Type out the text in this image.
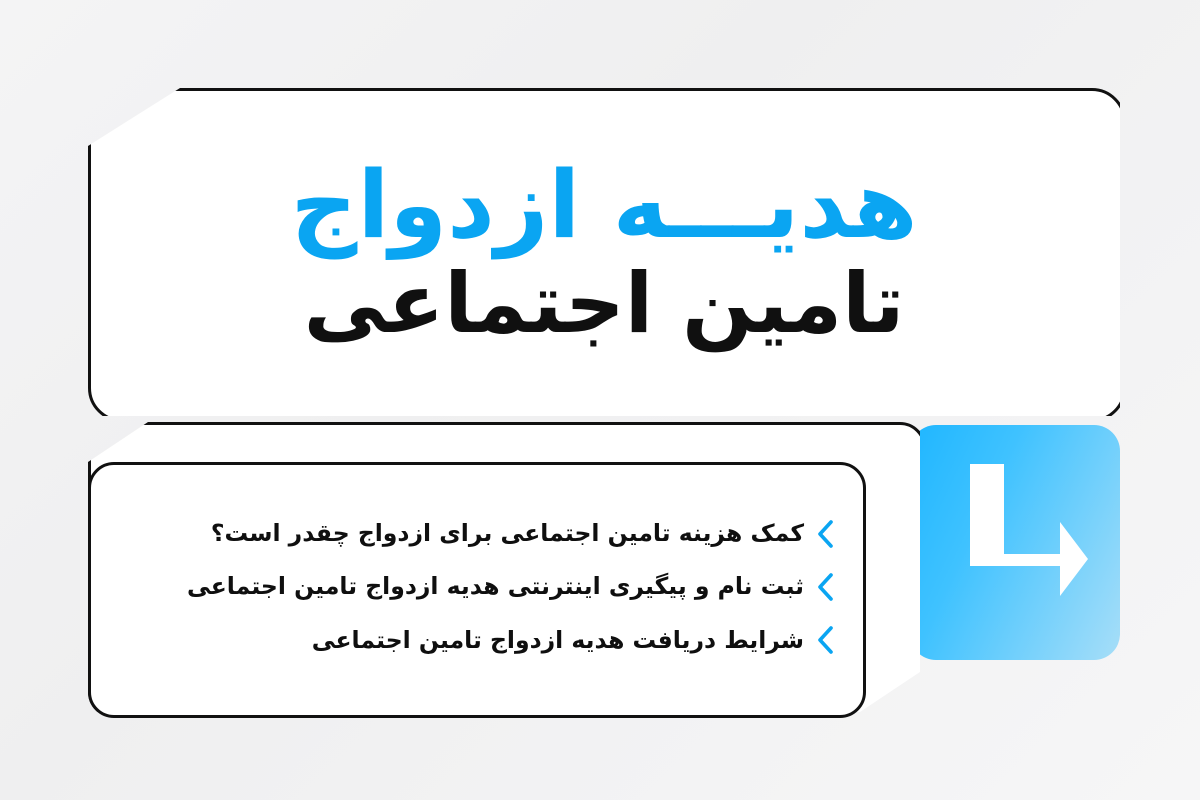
هدیـــه ازدواج
تامین اجتماعی
کمک هزینه تامین اجتماعی برای ازدواج چقدر است؟
ثبت نام و پیگیری اینترنتی هدیه ازدواج تامین اجتماعی
شرایط دریافت هدیه ازدواج تامین اجتماعی
